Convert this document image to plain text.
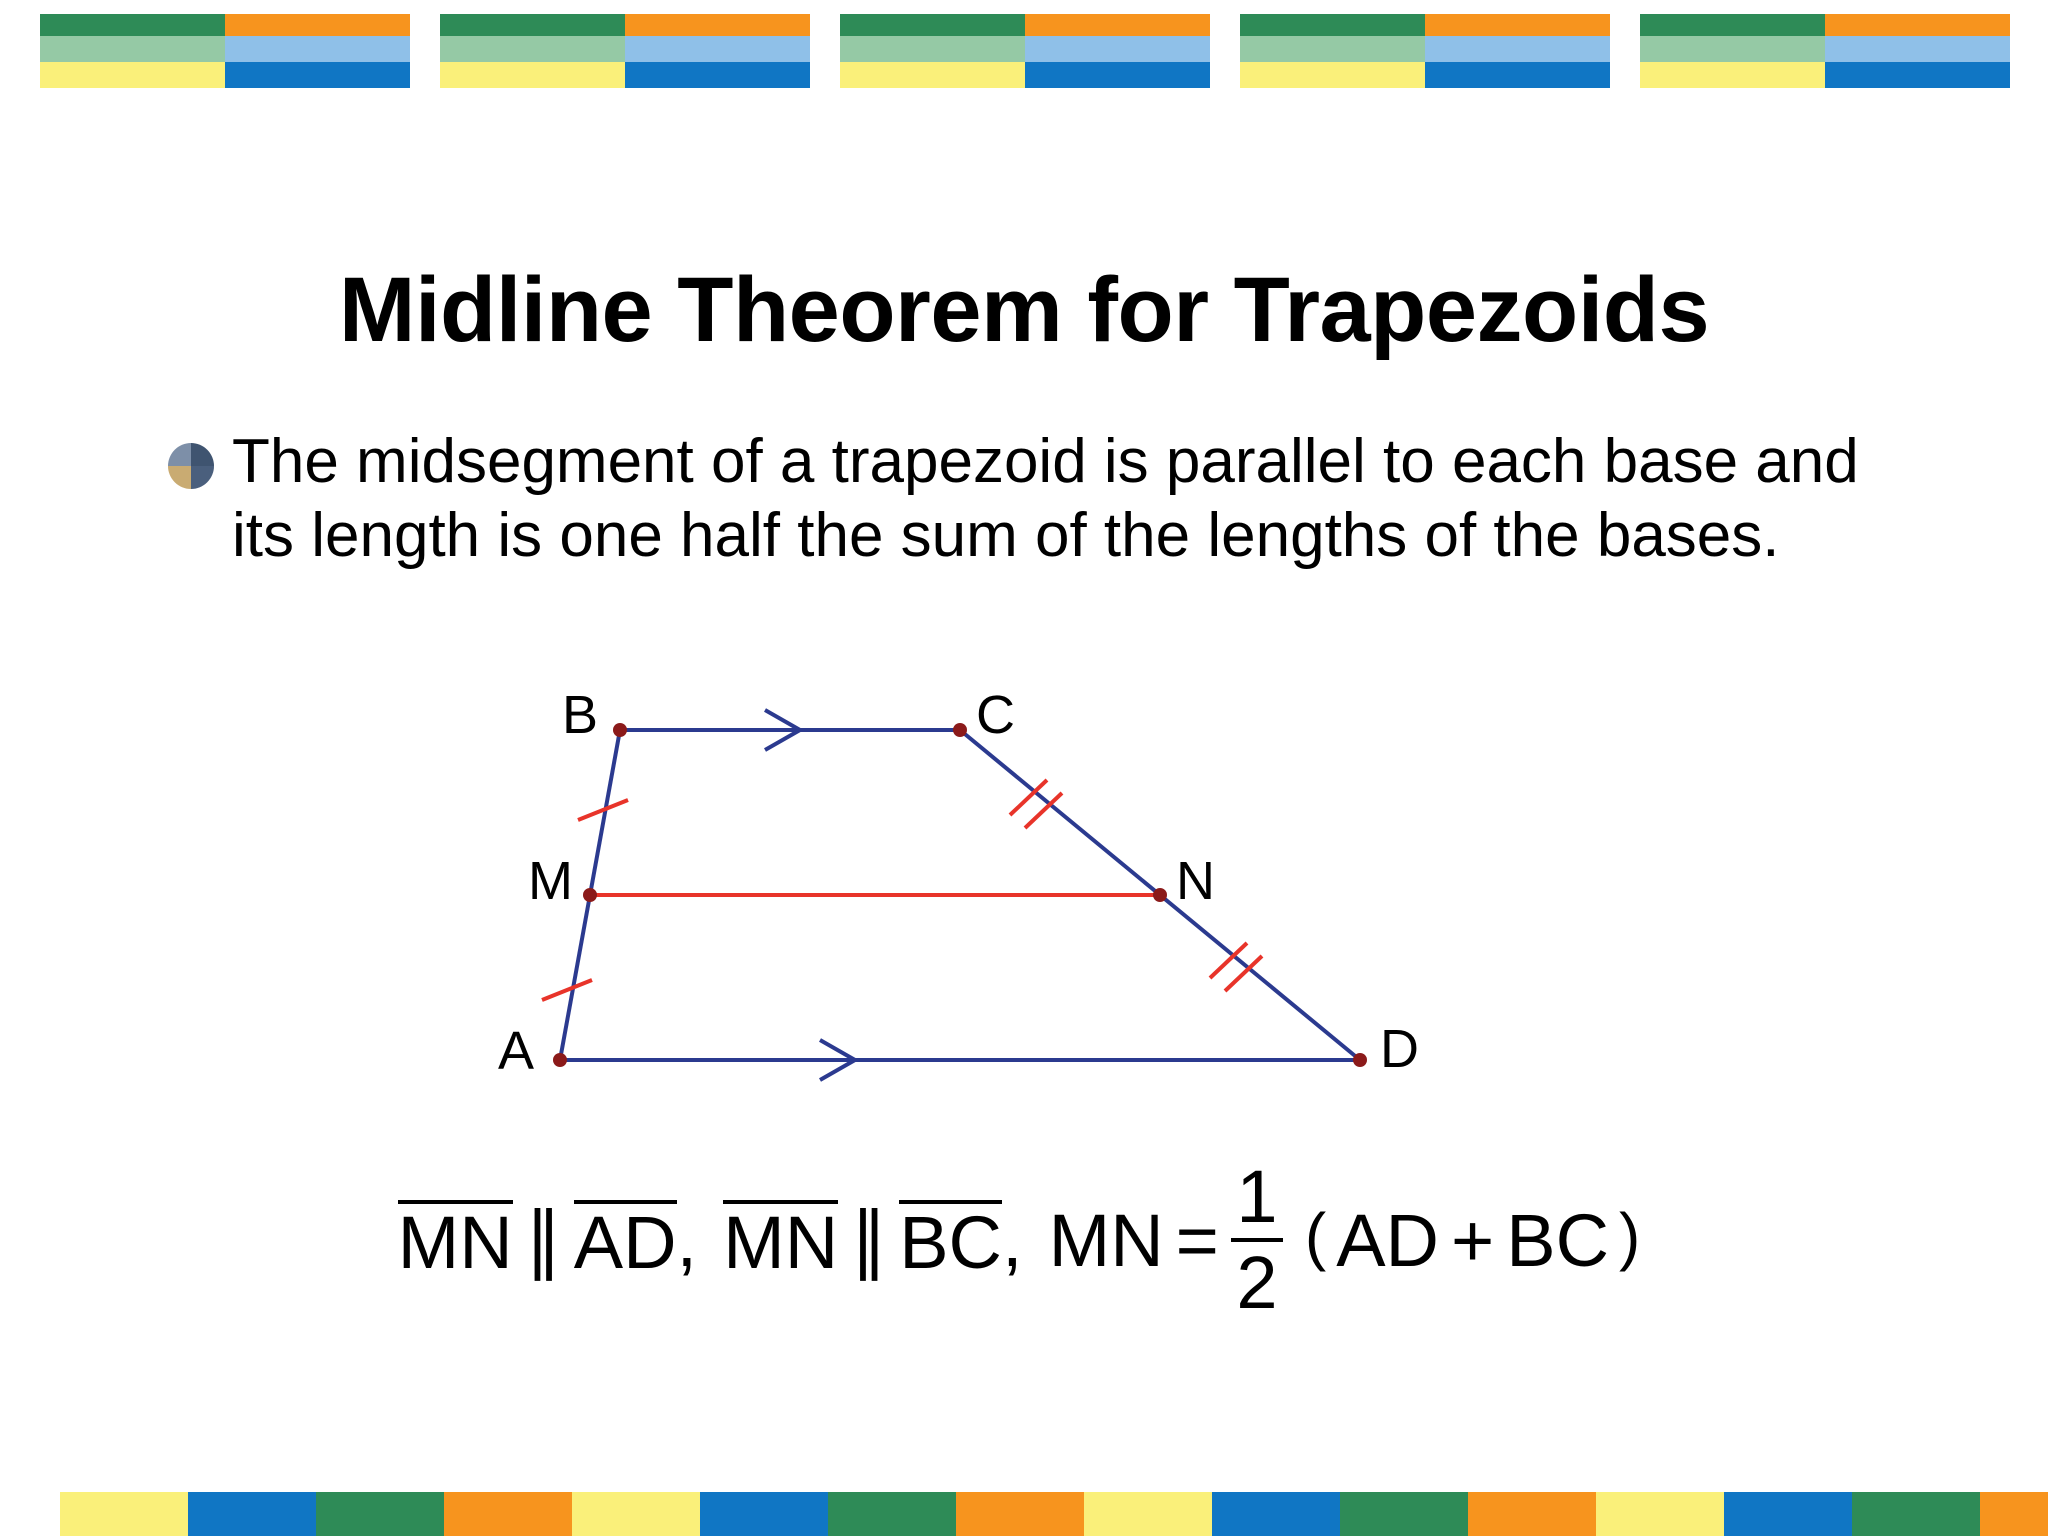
Midline Theorem for Trapezoids
The midsegment of a trapezoid is parallel to each base and its length is one half the sum of the lengths of the bases.
B	C
M	N
A	D
MN ∥ AD , MN ∥ BC , MN = $\frac{1}{2}$ ( AD + BC )
